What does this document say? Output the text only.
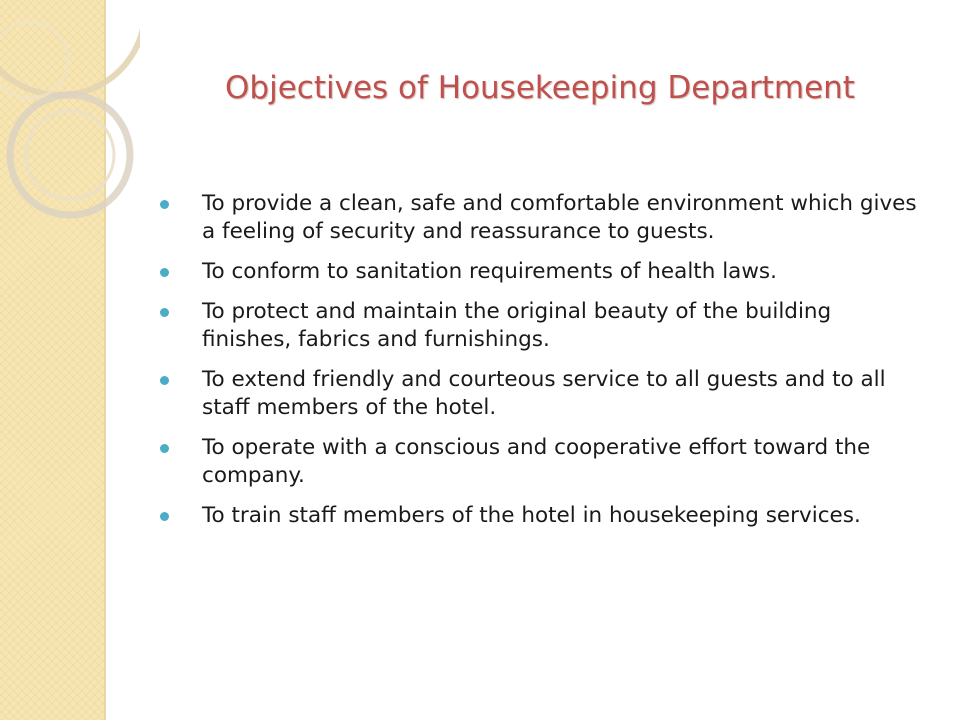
Objectives of Housekeeping Department
To provide a clean, safe and comfortable environment which gives a feeling of security and reassurance to guests.
To conform to sanitation requirements of health laws.
To protect and maintain the original beauty of the building finishes, fabrics and furnishings.
To extend friendly and courteous service to all guests and to all staff members of the hotel.
To operate with a conscious and cooperative effort toward the company.
To train staff members of the hotel in housekeeping services.
